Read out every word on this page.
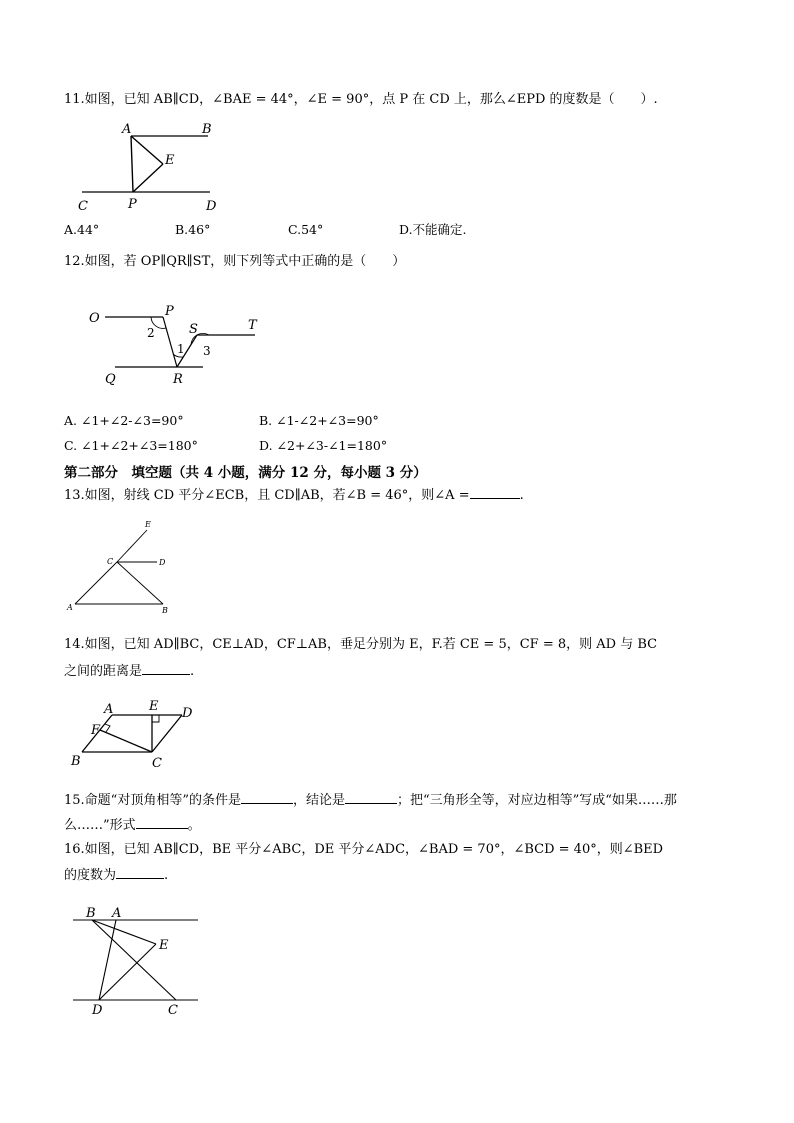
11.如图，已知 AB∥CD，∠BAE = 44°，∠E = 90°，点 P 在 CD 上，那么∠EPD 的度数是（　　）.
A	B
E
C	P	D
A.44°	B.46°	C.54°	D.不能确定.
12.如图，若 OP∥QR∥ST，则下列等式中正确的是（　　）
O	P
S	T
Q	R
1
2
3
A. ∠1+∠2-∠3=90°	B. ∠1-∠2+∠3=90°
C. ∠1+∠2+∠3=180°	D. ∠2+∠3-∠1=180°
第二部分　填空题（共 4 小题，满分 12 分，每小题 3 分）
13.如图，射线 CD 平分∠ECB，且 CD∥AB，若∠B = 46°，则∠A =	.
E
C	D
A	B
14.如图，已知 AD∥BC，CE⊥AD，CF⊥AB，垂足分别为 E，F.若 CE = 5，CF = 8，则 AD 与 BC
之间的距离是	.
A	E D
F
B	C
15.命题“对顶角相等”的条件是	，结论是	；把“三角形全等，对应边相等”写成“如果……那
么……”形式	。
16.如图，已知 AB∥CD，BE 平分∠ABC，DE 平分∠ADC，∠BAD = 70°，∠BCD = 40°，则∠BED
的度数为	.
B A
E
D	C
